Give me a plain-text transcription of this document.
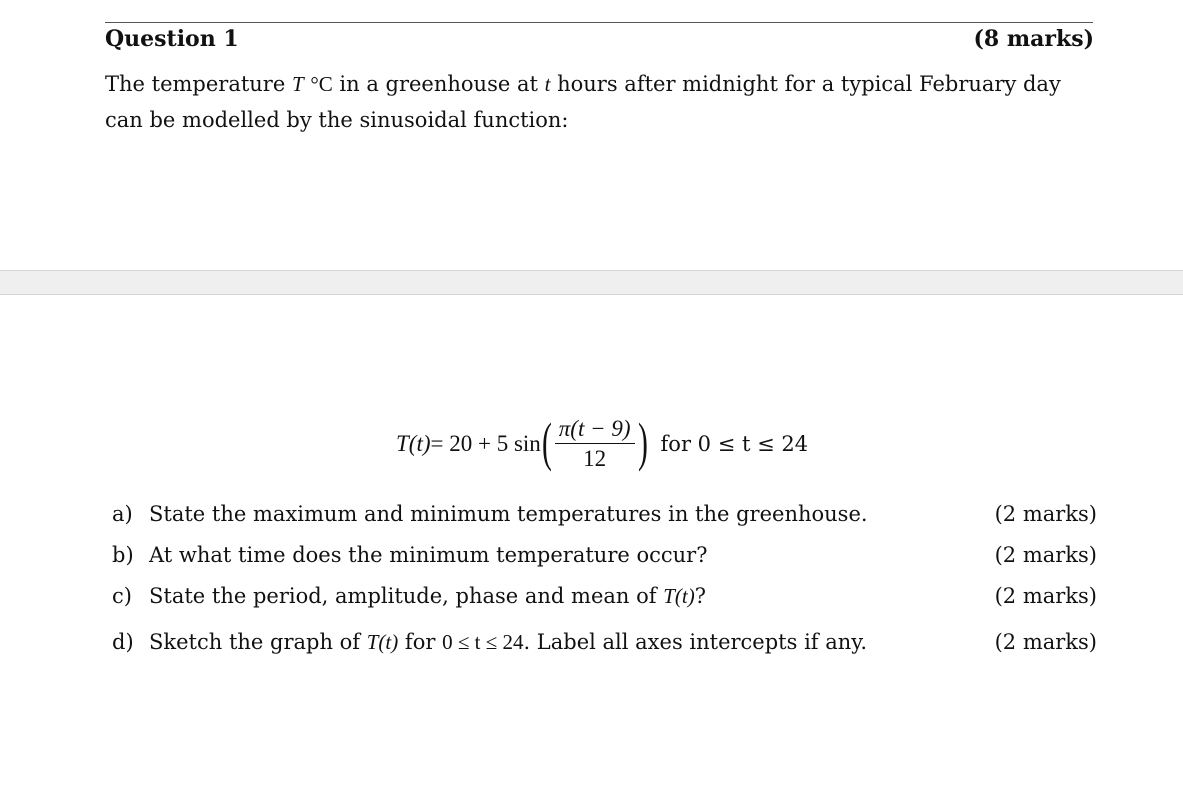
Question 1	(8 marks)
The temperature T °C in a greenhouse at t hours after midnight for a typical February day can be modelled by the sinusoidal function:
T(t) = 20 + 5 sin ( $\frac{\pi(t - 9)}{12}$ ) for 0 ≤ t ≤ 24
a) State the maximum and minimum temperatures in the greenhouse.	(2 marks)
b) At what time does the minimum temperature occur?	(2 marks)
c) State the period, amplitude, phase and mean of T(t)?	(2 marks)
d) Sketch the graph of T(t) for 0 ≤ t ≤ 24. Label all axes intercepts if any.	(2 marks)
